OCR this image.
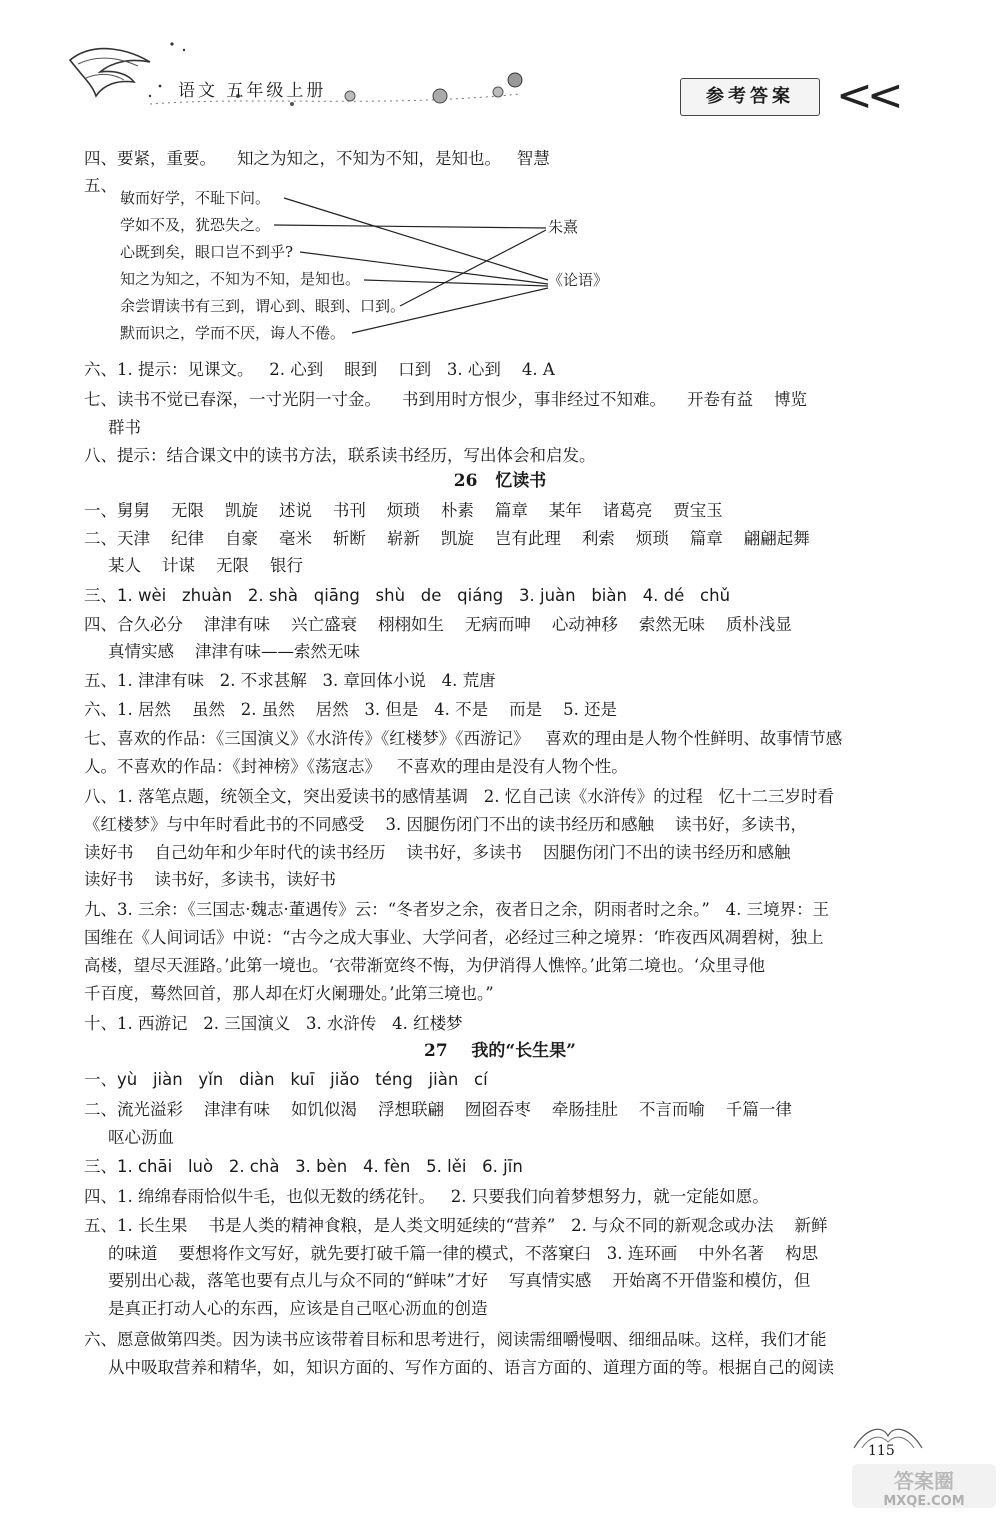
语文 五年级上册	参考答案 <<
四、要紧，重要。    知之为知之，不知为不知，是知也。   智慧
五、
敏而好学，不耻下问。
学如不及，犹恐失之。
心既到矣，眼口岂不到乎?
知之为知之，不知为不知，是知也。
余尝谓读书有三到，谓心到、眼到、口到。
默而识之，学而不厌，诲人不倦。
朱熹
《论语》
六、1. 提示：见课文。   2. 心到    眼到    口到   3. 心到    4. A
七、读书不觉已春深，一寸光阴一寸金。    书到用时方恨少，事非经过不知难。    开卷有益    博览
群书
八、提示：结合课文中的读书方法，联系读书经历，写出体会和启发。
26   忆读书
一、舅舅    无限    凯旋    述说    书刊    烦琐    朴素    篇章    某年    诸葛亮    贾宝玉
二、天津    纪律    自豪    毫米    斩断    崭新    凯旋    岂有此理    利索    烦琐    篇章    翩翩起舞
某人    计谋    无限    银行
三、1. wèi   zhuàn   2. shà   qiāng   shù   de   qiáng   3. juàn   biàn   4. dé   chǔ
四、合久必分    津津有味    兴亡盛衰    栩栩如生    无病而呻    心动神移    索然无味    质朴浅显
真情实感    津津有味——索然无味
五、1. 津津有味   2. 不求甚解   3. 章回体小说   4. 荒唐
六、1. 居然    虽然   2. 虽然    居然   3. 但是   4. 不是    而是    5. 还是
七、喜欢的作品：《三国演义》《水浒传》《红楼梦》《西游记》   喜欢的理由是人物个性鲜明、故事情节感
人。不喜欢的作品：《封神榜》《荡寇志》   不喜欢的理由是没有人物个性。
八、1. 落笔点题，统领全文，突出爱读书的感情基调   2. 忆自己读《水浒传》的过程   忆十二三岁时看
《红楼梦》与中年时看此书的不同感受    3. 因腿伤闭门不出的读书经历和感触    读书好，多读书，
读好书    自己幼年和少年时代的读书经历    读书好，多读书    因腿伤闭门不出的读书经历和感触
读好书    读书好，多读书，读好书
九、3. 三余：《三国志·魏志·董遇传》云：“冬者岁之余，夜者日之余，阴雨者时之余。”   4. 三境界：王
国维在《人间词话》中说：“古今之成大事业、大学问者，必经过三种之境界：‘昨夜西风凋碧树，独上
高楼，望尽天涯路。’此第一境也。‘衣带渐宽终不悔，为伊消得人憔悴。’此第二境也。‘众里寻他
千百度，蓦然回首，那人却在灯火阑珊处。’此第三境也。”
十、1. 西游记   2. 三国演义   3. 水浒传   4. 红楼梦
27    我的“长生果”
一、yù   jiàn   yǐn   diàn   kuī   jiǎo   téng   jiàn   cí
二、流光溢彩    津津有味    如饥似渴    浮想联翩    囫囵吞枣    牵肠挂肚    不言而喻    千篇一律
呕心沥血
三、1. chāi   luò   2. chà   3. bèn   4. fèn   5. lěi   6. jīn
四、1. 绵绵春雨恰似牛毛，也似无数的绣花针。   2. 只要我们向着梦想努力，就一定能如愿。
五、1. 长生果    书是人类的精神食粮，是人类文明延续的“营养”   2. 与众不同的新观念或办法    新鲜
的味道    要想将作文写好，就先要打破千篇一律的模式，不落窠臼   3. 连环画    中外名著    构思
要别出心裁，落笔也要有点儿与众不同的“鲜味”才好    写真情实感    开始离不开借鉴和模仿，但
是真正打动人心的东西，应该是自己呕心沥血的创造
六、愿意做第四类。因为读书应该带着目标和思考进行，阅读需细嚼慢咽、细细品味。这样，我们才能
从中吸取营养和精华，如，知识方面的、写作方面的、语言方面的、道理方面的等。根据自己的阅读
115
答案圈
MXQE.COM
